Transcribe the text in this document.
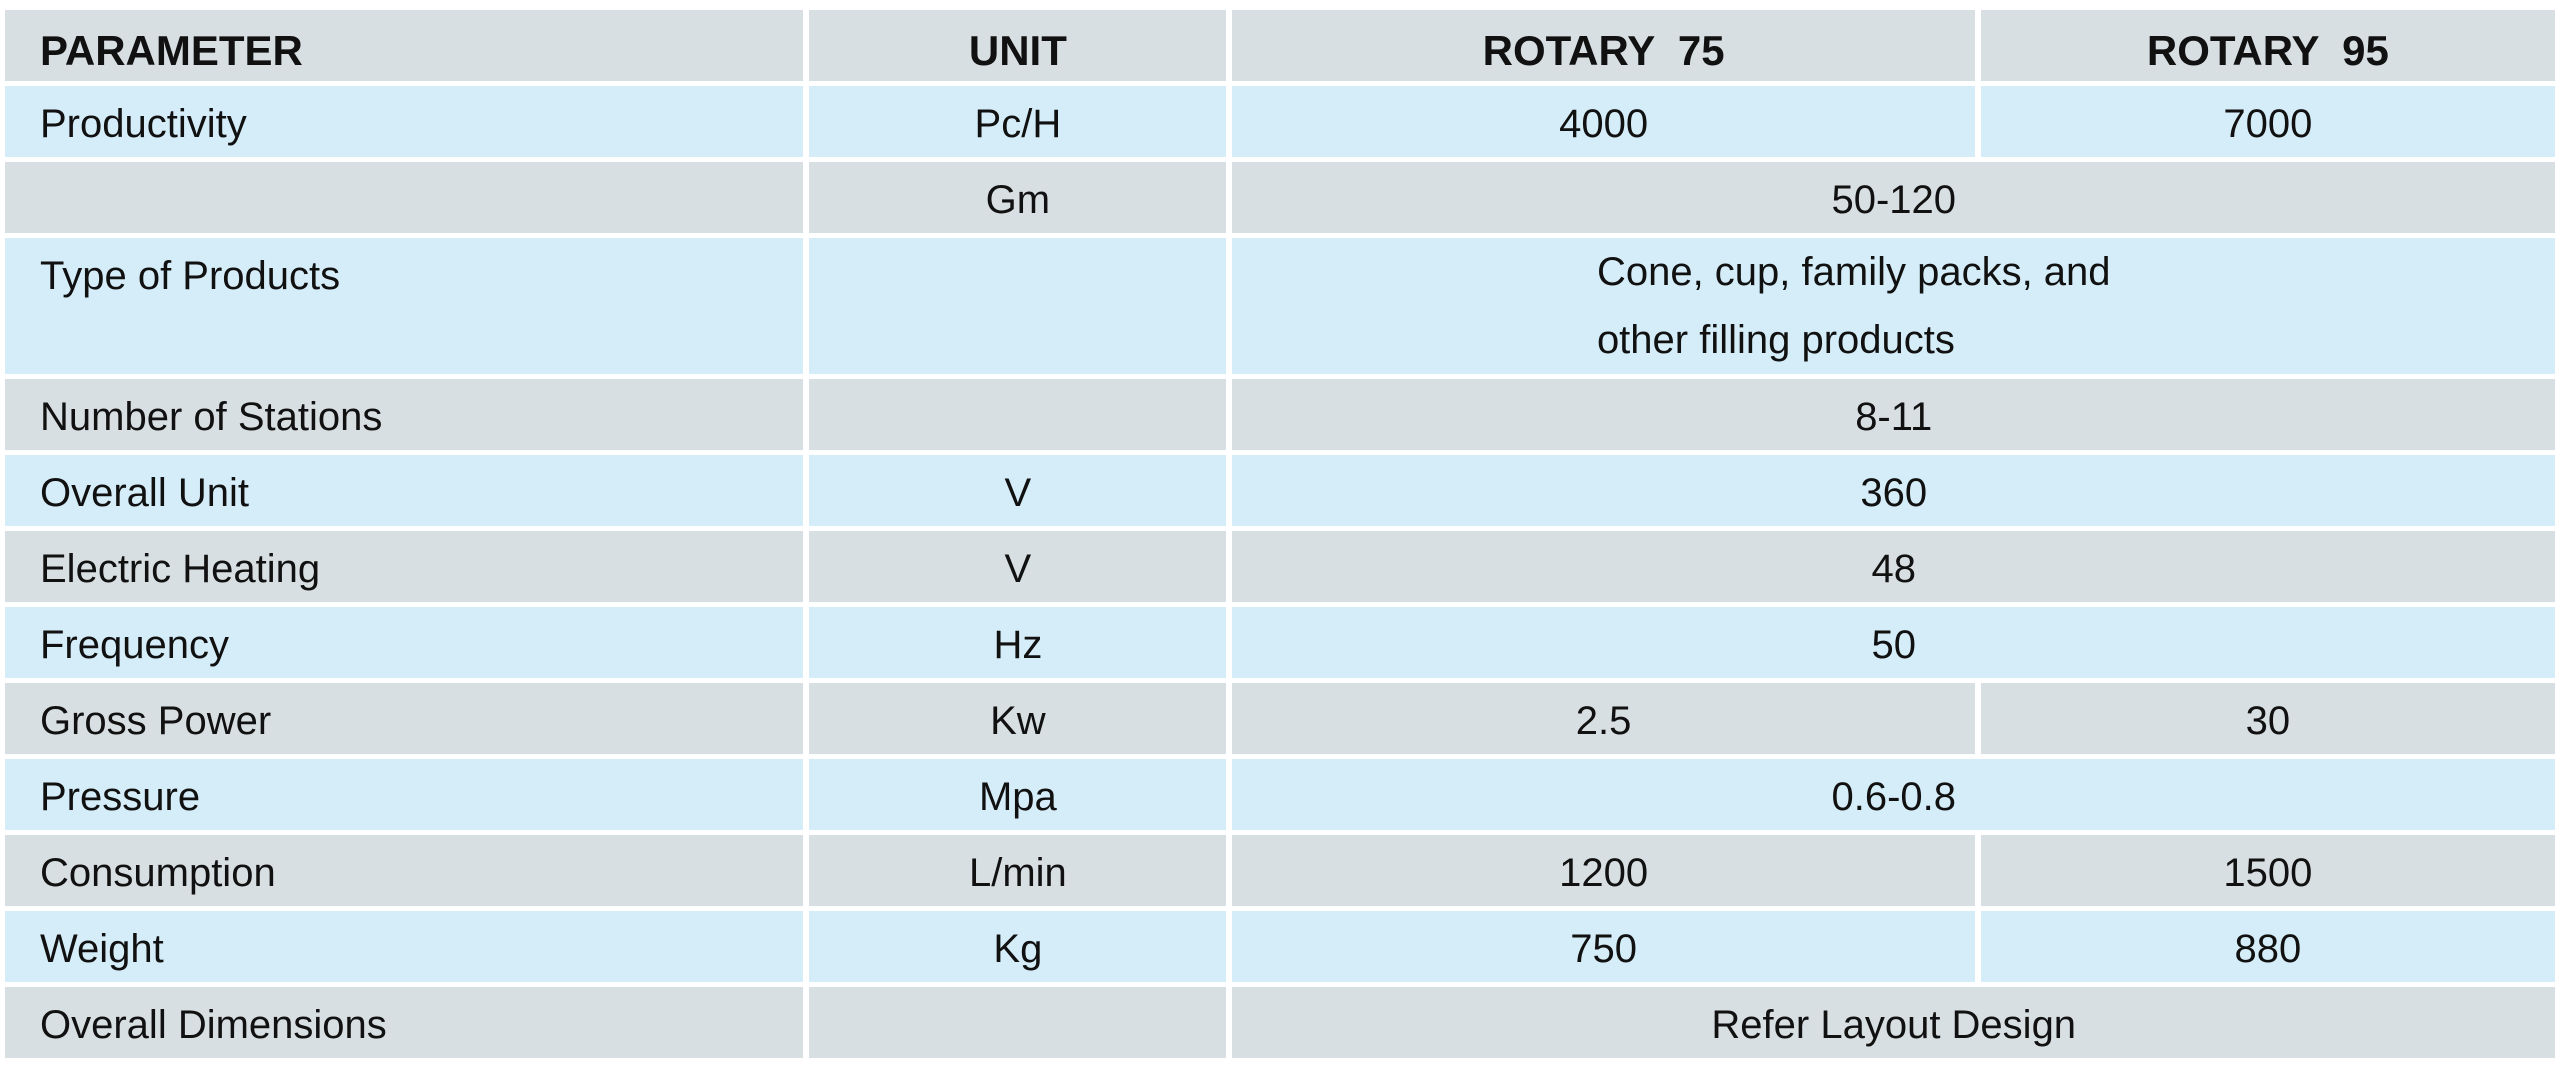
PARAMETER	UNIT	ROTARY  75	ROTARY  95

Productivity	Pc/H	4000	7000

	Gm	50-120	

Type of Products		Cone, cup, family packs, and
other filling products	

Number of Stations		8-11	

Overall Unit	V	360	

Electric Heating	V	48	

Frequency	Hz	50	

Gross Power	Kw	2.5	30

Pressure	Mpa	0.6-0.8	

Consumption	L/min	1200	1500

Weight	Kg	750	880

Overall Dimensions		Refer Layout Design	
